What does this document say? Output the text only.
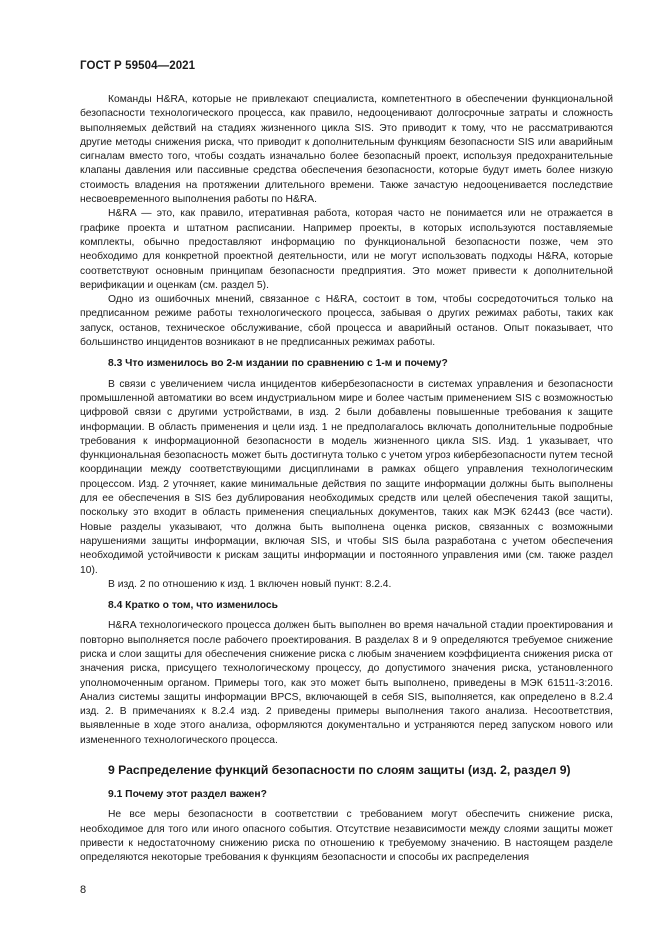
ГОСТ Р 59504—2021

Команды H&RA, которые не привлекают специалиста, компетентного в обеспечении функциональной безопасности технологического процесса, как правило, недооценивают долгосрочные затраты и сложность выполняемых действий на стадиях жизненного цикла SIS. Это приводит к тому, что не рассматриваются другие методы снижения риска, что приводит к дополнительным функциям безопасности SIS или аварийным сигналам вместо того, чтобы создать изначально более безопасный проект, используя предохранительные клапаны давления или пассивные средства обеспечения безопасности, которые будут иметь более низкую стоимость владения на протяжении длительного времени. Также зачастую недооценивается последствие несвоевременного выполнения работы по H&RA.

H&RA — это, как правило, итеративная работа, которая часто не понимается или не отражается в графике проекта и штатном расписании. Например проекты, в которых используются поставляемые комплекты, обычно предоставляют информацию по функциональной безопасности позже, чем это необходимо для конкретной проектной деятельности, или не могут использовать подходы H&RA, которые соответствуют основным принципам безопасности предприятия. Это может привести к дополнительной верификации и оценкам (см. раздел 5).

Одно из ошибочных мнений, связанное с H&RA, состоит в том, чтобы сосредоточиться только на предписанном режиме работы технологического процесса, забывая о других режимах работы, таких как запуск, останов, техническое обслуживание, сбой процесса и аварийный останов. Опыт показывает, что большинство инцидентов возникают в не предписанных режимах работы.

8.3 Что изменилось во 2-м издании по сравнению с 1-м и почему?

В связи с увеличением числа инцидентов кибербезопасности в системах управления и безопасности промышленной автоматики во всем индустриальном мире и более частым применением SIS с возможностью цифровой связи с другими устройствами, в изд. 2 были добавлены повышенные требования к защите информации. В область применения и цели изд. 1 не предполагалось включать дополнительные подробные требования к информационной безопасности в модель жизненного цикла SIS. Изд. 1 указывает, что функциональная безопасность может быть достигнута только с учетом угроз кибербезопасности путем тесной координации между соответствующими дисциплинами в рамках общего управления технологическим процессом. Изд. 2 уточняет, какие минимальные действия по защите информации должны быть выполнены для ее обеспечения в SIS без дублирования необходимых средств или целей обеспечения такой защиты, поскольку это входит в область применения специальных документов, таких как МЭК 62443 (все части). Новые разделы указывают, что должна быть выполнена оценка рисков, связанных с возможными нарушениями защиты информации, включая SIS, и чтобы SIS была разработана с учетом обеспечения необходимой устойчивости к рискам защиты информации и постоянного управления ими (см. также раздел 10).

В изд. 2 по отношению к изд. 1 включен новый пункт: 8.2.4.

8.4 Кратко о том, что изменилось

H&RA технологического процесса должен быть выполнен во время начальной стадии проектирования и повторно выполняется после рабочего проектирования. В разделах 8 и 9 определяются требуемое снижение риска и слои защиты для обеспечения снижение риска с любым значением коэффициента снижения риска от значения риска, присущего технологическому процессу, до допустимого значения риска, установленного уполномоченным органом. Примеры того, как это может быть выполнено, приведены в МЭК 61511-3:2016. Анализ системы защиты информации BPCS, включающей в себя SIS, выполняется, как определено в 8.2.4 изд. 2. В примечаниях к 8.2.4 изд. 2 приведены примеры выполнения такого анализа. Несоответствия, выявленные в ходе этого анализа, оформляются документально и устраняются перед запуском нового или измененного технологического процесса.

9 Распределение функций безопасности по слоям защиты (изд. 2, раздел 9)
9.1 Почему этот раздел важен?

Не все меры безопасности в соответствии с требованием могут обеспечить снижение риска, необходимое для того или иного опасного события. Отсутствие независимости между слоями защиты может привести к недостаточному снижению риска по отношению к требуемому значению. В настоящем разделе определяются некоторые требования к функциям безопасности и способы их распределения

8
